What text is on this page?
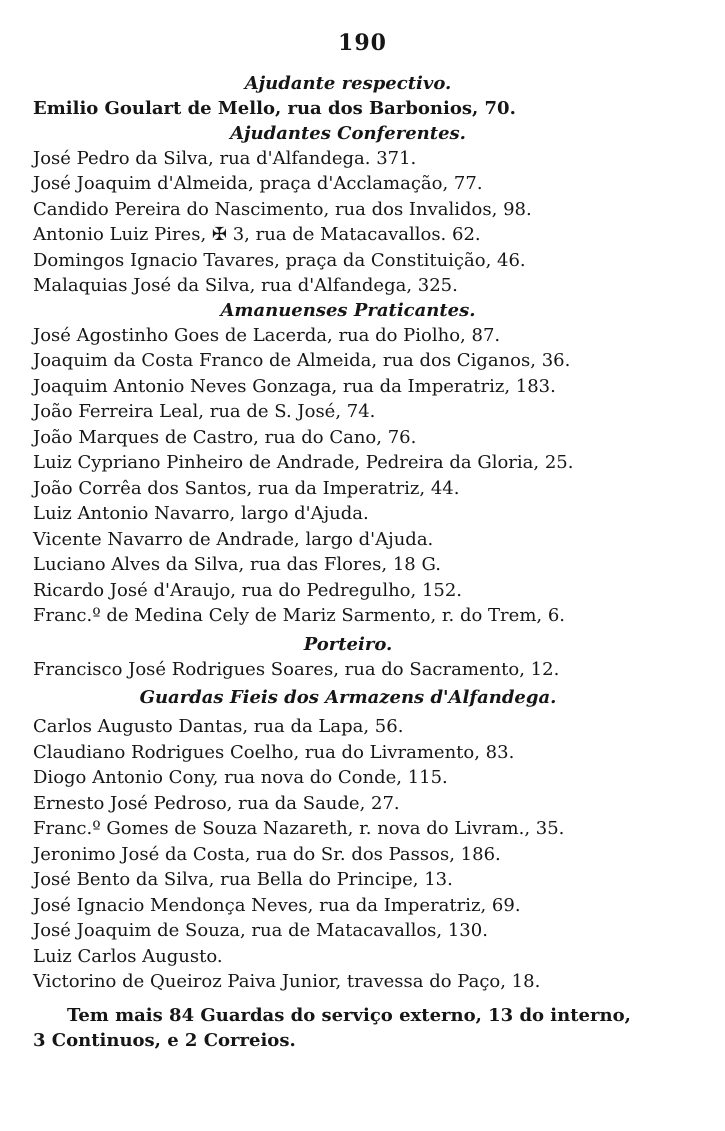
190

Ajudante respectivo.

Emilio Goulart de Mello, rua dos Barbonios, 70.

Ajudantes Conferentes.

José Pedro da Silva, rua d'Alfandega. 371.
José Joaquim d'Almeida, praça d'Acclamação, 77.
Candido Pereira do Nascimento, rua dos Invalidos, 98.
Antonio Luiz Pires, ✠ 3, rua de Matacavallos. 62.
Domingos Ignacio Tavares, praça da Constituição, 46.
Malaquias José da Silva, rua d'Alfandega, 325.

Amanuenses Praticantes.

José Agostinho Goes de Lacerda, rua do Piolho, 87.
Joaquim da Costa Franco de Almeida, rua dos Ciganos, 36.
Joaquim Antonio Neves Gonzaga, rua da Imperatriz, 183.
João Ferreira Leal, rua de S. José, 74.
João Marques de Castro, rua do Cano, 76.
Luiz Cypriano Pinheiro de Andrade, Pedreira da Gloria, 25.
João Corrêa dos Santos, rua da Imperatriz, 44.
Luiz Antonio Navarro, largo d'Ajuda.
Vicente Navarro de Andrade, largo d'Ajuda.
Luciano Alves da Silva, rua das Flores, 18 G.
Ricardo José d'Araujo, rua do Pedregulho, 152.
Franc.º de Medina Cely de Mariz Sarmento, r. do Trem, 6.

Porteiro.

Francisco José Rodrigues Soares, rua do Sacramento, 12.

Guardas Fieis dos Armazens d'Alfandega.

Carlos Augusto Dantas, rua da Lapa, 56.
Claudiano Rodrigues Coelho, rua do Livramento, 83.
Diogo Antonio Cony, rua nova do Conde, 115.
Ernesto José Pedroso, rua da Saude, 27.
Franc.º Gomes de Souza Nazareth, r. nova do Livram., 35.
Jeronimo José da Costa, rua do Sr. dos Passos, 186.
José Bento da Silva, rua Bella do Principe, 13.
José Ignacio Mendonça Neves, rua da Imperatriz, 69.
José Joaquim de Souza, rua de Matacavallos, 130.
Luiz Carlos Augusto.
Victorino de Queiroz Paiva Junior, travessa do Paço, 18.
Tem mais 84 Guardas do serviço externo, 13 do interno,
3 Continuos, e 2 Correios.
